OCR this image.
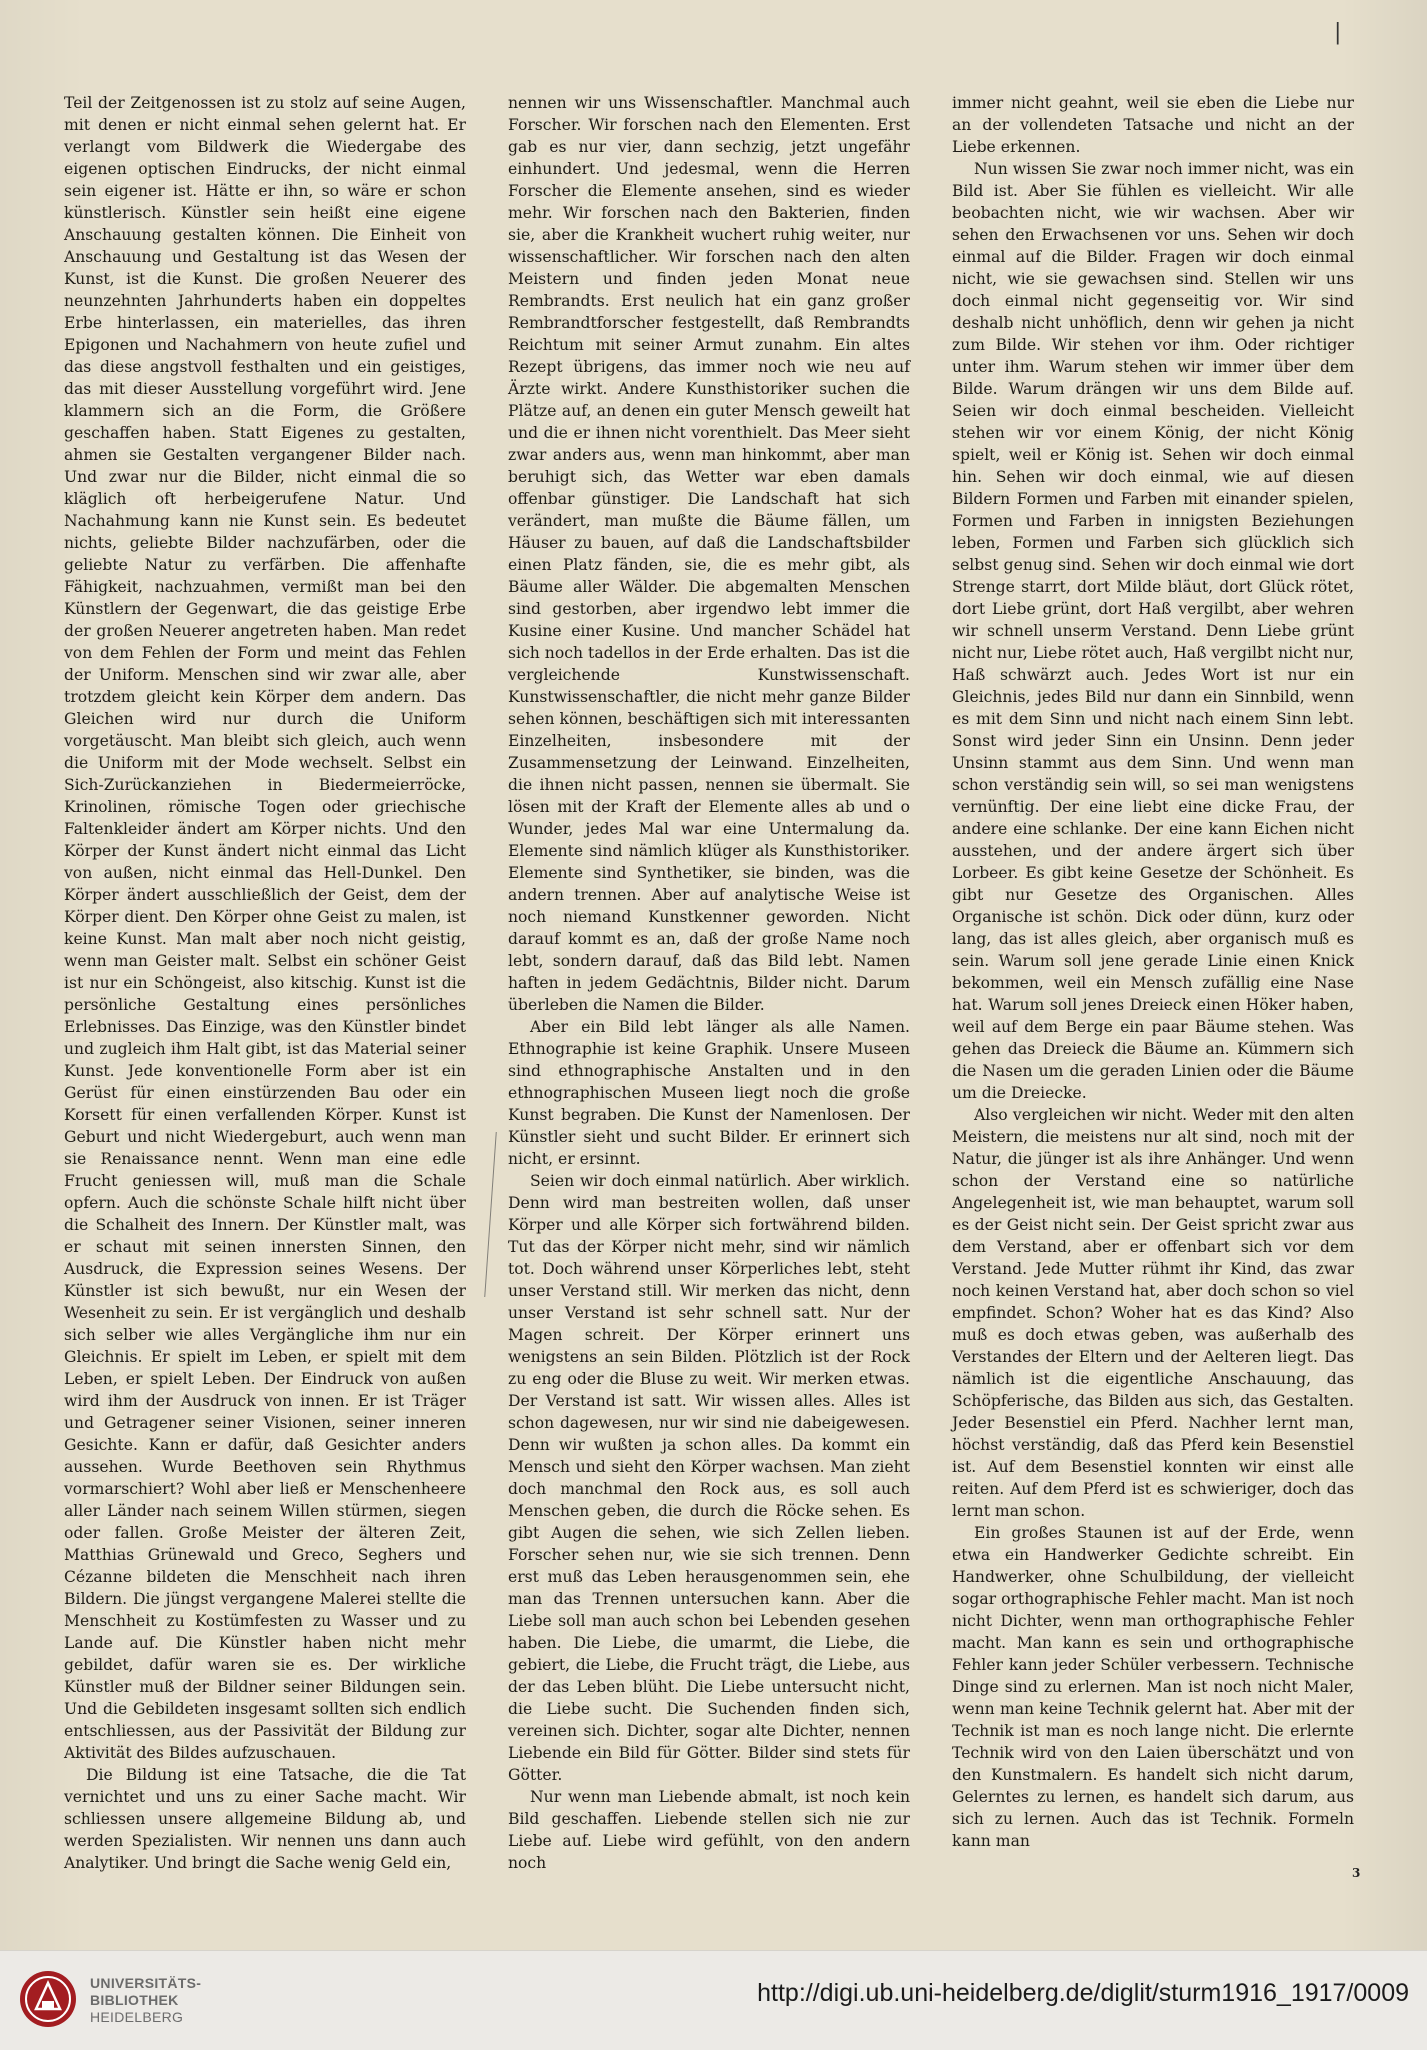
|

Teil der Zeitgenossen ist zu stolz auf seine Augen, mit denen er nicht einmal sehen gelernt hat. Er verlangt vom Bildwerk die Wiedergabe des eigenen optischen Eindrucks, der nicht einmal sein eigener ist. Hätte er ihn, so wäre er schon künstlerisch. Künstler sein heißt eine eigene Anschauung gestalten können. Die Einheit von Anschauung und Gestaltung ist das Wesen der Kunst, ist die Kunst. Die großen Neuerer des neunzehnten Jahrhunderts haben ein doppeltes Erbe hinterlassen, ein materielles, das ihren Epigonen und Nachahmern von heute zufiel und das diese angstvoll festhalten und ein geistiges, das mit dieser Ausstellung vorgeführt wird. Jene klammern sich an die Form, die Größere geschaffen haben. Statt Eigenes zu gestalten, ahmen sie Gestalten vergangener Bilder nach. Und zwar nur die Bilder, nicht einmal die so kläglich oft herbeigerufene Natur. Und Nachahmung kann nie Kunst sein. Es bedeutet nichts, geliebte Bilder nachzufärben, oder die geliebte Natur zu verfärben. Die affenhafte Fähigkeit, nachzuahmen, vermißt man bei den Künstlern der Gegenwart, die das geistige Erbe der großen Neuerer angetreten haben. Man redet von dem Fehlen der Form und meint das Fehlen der Uniform. Menschen sind wir zwar alle, aber trotzdem gleicht kein Körper dem andern. Das Gleichen wird nur durch die Uniform vorgetäuscht. Man bleibt sich gleich, auch wenn die Uniform mit der Mode wechselt. Selbst ein Sich-Zurückanziehen in Biedermeierröcke, Krinolinen, römische Togen oder griechische Faltenkleider ändert am Körper nichts. Und den Körper der Kunst ändert nicht einmal das Licht von außen, nicht einmal das Hell-Dunkel. Den Körper ändert ausschließlich der Geist, dem der Körper dient. Den Körper ohne Geist zu malen, ist keine Kunst. Man malt aber noch nicht geistig, wenn man Geister malt. Selbst ein schöner Geist ist nur ein Schöngeist, also kitschig. Kunst ist die persönliche Gestaltung eines persönliches Erlebnisses. Das Einzige, was den Künstler bindet und zugleich ihm Halt gibt, ist das Material seiner Kunst. Jede konventionelle Form aber ist ein Gerüst für einen einstürzenden Bau oder ein Korsett für einen verfallenden Körper. Kunst ist Geburt und nicht Wiedergeburt, auch wenn man sie Renaissance nennt. Wenn man eine edle Frucht geniessen will, muß man die Schale opfern. Auch die schönste Schale hilft nicht über die Schalheit des Innern. Der Künstler malt, was er schaut mit seinen innersten Sinnen, den Ausdruck, die Expression seines Wesens. Der Künstler ist sich bewußt, nur ein Wesen der Wesenheit zu sein. Er ist vergänglich und deshalb sich selber wie alles Vergängliche ihm nur ein Gleichnis. Er spielt im Leben, er spielt mit dem Leben, er spielt Leben. Der Eindruck von außen wird ihm der Ausdruck von innen. Er ist Träger und Getragener seiner Visionen, seiner inneren Gesichte. Kann er dafür, daß Gesichter anders aussehen. Wurde Beethoven sein Rhythmus vormarschiert? Wohl aber ließ er Menschenheere aller Länder nach seinem Willen stürmen, siegen oder fallen. Große Meister der älteren Zeit, Matthias Grünewald und Greco, Seghers und Cézanne bildeten die Menschheit nach ihren Bildern. Die jüngst vergangene Malerei stellte die Menschheit zu Kostümfesten zu Wasser und zu Lande auf. Die Künstler haben nicht mehr gebildet, dafür waren sie es. Der wirkliche Künstler muß der Bildner seiner Bildungen sein. Und die Gebildeten insgesamt sollten sich endlich entschliessen, aus der Passivität der Bildung zur Aktivität des Bildes aufzuschauen.

Die Bildung ist eine Tatsache, die die Tat vernichtet und uns zu einer Sache macht. Wir schliessen unsere allgemeine Bildung ab, und werden Spezialisten. Wir nennen uns dann auch Analytiker. Und bringt die Sache wenig Geld ein,

nennen wir uns Wissenschaftler. Manchmal auch Forscher. Wir forschen nach den Elementen. Erst gab es nur vier, dann sechzig, jetzt ungefähr einhundert. Und jedesmal, wenn die Herren Forscher die Elemente ansehen, sind es wieder mehr. Wir forschen nach den Bakterien, finden sie, aber die Krankheit wuchert ruhig weiter, nur wissenschaftlicher. Wir forschen nach den alten Meistern und finden jeden Monat neue Rembrandts. Erst neulich hat ein ganz großer Rembrandtforscher festgestellt, daß Rembrandts Reichtum mit seiner Armut zunahm. Ein altes Rezept übrigens, das immer noch wie neu auf Ärzte wirkt. Andere Kunsthistoriker suchen die Plätze auf, an denen ein guter Mensch geweilt hat und die er ihnen nicht vorenthielt. Das Meer sieht zwar anders aus, wenn man hinkommt, aber man beruhigt sich, das Wetter war eben damals offenbar günstiger. Die Landschaft hat sich verändert, man mußte die Bäume fällen, um Häuser zu bauen, auf daß die Landschaftsbilder einen Platz fänden, sie, die es mehr gibt, als Bäume aller Wälder. Die abgemalten Menschen sind gestorben, aber irgendwo lebt immer die Kusine einer Kusine. Und mancher Schädel hat sich noch tadellos in der Erde erhalten. Das ist die vergleichende Kunstwissenschaft. Kunstwissenschaftler, die nicht mehr ganze Bilder sehen können, beschäftigen sich mit interessanten Einzelheiten, insbesondere mit der Zusammensetzung der Leinwand. Einzelheiten, die ihnen nicht passen, nennen sie übermalt. Sie lösen mit der Kraft der Elemente alles ab und o Wunder, jedes Mal war eine Untermalung da. Elemente sind nämlich klüger als Kunsthistoriker. Elemente sind Synthetiker, sie binden, was die andern trennen. Aber auf analytische Weise ist noch niemand Kunstkenner geworden. Nicht darauf kommt es an, daß der große Name noch lebt, sondern darauf, daß das Bild lebt. Namen haften in jedem Gedächtnis, Bilder nicht. Darum überleben die Namen die Bilder.

Aber ein Bild lebt länger als alle Namen. Ethnographie ist keine Graphik. Unsere Museen sind ethnographische Anstalten und in den ethnographischen Museen liegt noch die große Kunst begraben. Die Kunst der Namenlosen. Der Künstler sieht und sucht Bilder. Er erinnert sich nicht, er ersinnt.

Seien wir doch einmal natürlich. Aber wirklich. Denn wird man bestreiten wollen, daß unser Körper und alle Körper sich fortwährend bilden. Tut das der Körper nicht mehr, sind wir nämlich tot. Doch während unser Körperliches lebt, steht unser Verstand still. Wir merken das nicht, denn unser Verstand ist sehr schnell satt. Nur der Magen schreit. Der Körper erinnert uns wenigstens an sein Bilden. Plötzlich ist der Rock zu eng oder die Bluse zu weit. Wir merken etwas. Der Verstand ist satt. Wir wissen alles. Alles ist schon dagewesen, nur wir sind nie dabeigewesen. Denn wir wußten ja schon alles. Da kommt ein Mensch und sieht den Körper wachsen. Man zieht doch manchmal den Rock aus, es soll auch Menschen geben, die durch die Röcke sehen. Es gibt Augen die sehen, wie sich Zellen lieben. Forscher sehen nur, wie sie sich trennen. Denn erst muß das Leben herausgenommen sein, ehe man das Trennen untersuchen kann. Aber die Liebe soll man auch schon bei Lebenden gesehen haben. Die Liebe, die umarmt, die Liebe, die gebiert, die Liebe, die Frucht trägt, die Liebe, aus der das Leben blüht. Die Liebe untersucht nicht, die Liebe sucht. Die Suchenden finden sich, vereinen sich. Dichter, sogar alte Dichter, nennen Liebende ein Bild für Götter. Bilder sind stets für Götter.

Nur wenn man Liebende abmalt, ist noch kein Bild geschaffen. Liebende stellen sich nie zur Liebe auf. Liebe wird gefühlt, von den andern noch

immer nicht geahnt, weil sie eben die Liebe nur an der vollendeten Tatsache und nicht an der Liebe erkennen.

Nun wissen Sie zwar noch immer nicht, was ein Bild ist. Aber Sie fühlen es vielleicht. Wir alle beobachten nicht, wie wir wachsen. Aber wir sehen den Erwachsenen vor uns. Sehen wir doch einmal auf die Bilder. Fragen wir doch einmal nicht, wie sie gewachsen sind. Stellen wir uns doch einmal nicht gegenseitig vor. Wir sind deshalb nicht unhöflich, denn wir gehen ja nicht zum Bilde. Wir stehen vor ihm. Oder richtiger unter ihm. Warum stehen wir immer über dem Bilde. Warum drängen wir uns dem Bilde auf. Seien wir doch einmal bescheiden. Vielleicht stehen wir vor einem König, der nicht König spielt, weil er König ist. Sehen wir doch einmal hin. Sehen wir doch einmal, wie auf diesen Bildern Formen und Farben mit einander spielen, Formen und Farben in innigsten Beziehungen leben, Formen und Farben sich glücklich sich selbst genug sind. Sehen wir doch einmal wie dort Strenge starrt, dort Milde bläut, dort Glück rötet, dort Liebe grünt, dort Haß vergilbt, aber wehren wir schnell unserm Verstand. Denn Liebe grünt nicht nur, Liebe rötet auch, Haß vergilbt nicht nur, Haß schwärzt auch. Jedes Wort ist nur ein Gleichnis, jedes Bild nur dann ein Sinnbild, wenn es mit dem Sinn und nicht nach einem Sinn lebt. Sonst wird jeder Sinn ein Unsinn. Denn jeder Unsinn stammt aus dem Sinn. Und wenn man schon verständig sein will, so sei man wenigstens vernünftig. Der eine liebt eine dicke Frau, der andere eine schlanke. Der eine kann Eichen nicht ausstehen, und der andere ärgert sich über Lorbeer. Es gibt keine Gesetze der Schönheit. Es gibt nur Gesetze des Organischen. Alles Organische ist schön. Dick oder dünn, kurz oder lang, das ist alles gleich, aber organisch muß es sein. Warum soll jene gerade Linie einen Knick bekommen, weil ein Mensch zufällig eine Nase hat. Warum soll jenes Dreieck einen Höker haben, weil auf dem Berge ein paar Bäume stehen. Was gehen das Dreieck die Bäume an. Kümmern sich die Nasen um die geraden Linien oder die Bäume um die Dreiecke.

Also vergleichen wir nicht. Weder mit den alten Meistern, die meistens nur alt sind, noch mit der Natur, die jünger ist als ihre Anhänger. Und wenn schon der Verstand eine so natürliche Angelegenheit ist, wie man behauptet, warum soll es der Geist nicht sein. Der Geist spricht zwar aus dem Verstand, aber er offenbart sich vor dem Verstand. Jede Mutter rühmt ihr Kind, das zwar noch keinen Verstand hat, aber doch schon so viel empfindet. Schon? Woher hat es das Kind? Also muß es doch etwas geben, was außerhalb des Verstandes der Eltern und der Aelteren liegt. Das nämlich ist die eigentliche Anschauung, das Schöpferische, das Bilden aus sich, das Gestalten. Jeder Besenstiel ein Pferd. Nachher lernt man, höchst verständig, daß das Pferd kein Besenstiel ist. Auf dem Besenstiel konnten wir einst alle reiten. Auf dem Pferd ist es schwieriger, doch das lernt man schon.

Ein großes Staunen ist auf der Erde, wenn etwa ein Handwerker Gedichte schreibt. Ein Handwerker, ohne Schulbildung, der vielleicht sogar orthographische Fehler macht. Man ist noch nicht Dichter, wenn man orthographische Fehler macht. Man kann es sein und orthographische Fehler kann jeder Schüler verbessern. Technische Dinge sind zu erlernen. Man ist noch nicht Maler, wenn man keine Technik gelernt hat. Aber mit der Technik ist man es noch lange nicht. Die erlernte Technik wird von den Laien überschätzt und von den Kunstmalern. Es handelt sich nicht darum, Gelerntes zu lernen, es handelt sich darum, aus sich zu lernen. Auch das ist Technik. Formeln kann man

3
UNIVERSITÄTS-
BIBLIOTHEK
HEIDELBERG
http://digi.ub.uni-heidelberg.de/diglit/sturm1916_1917/0009
